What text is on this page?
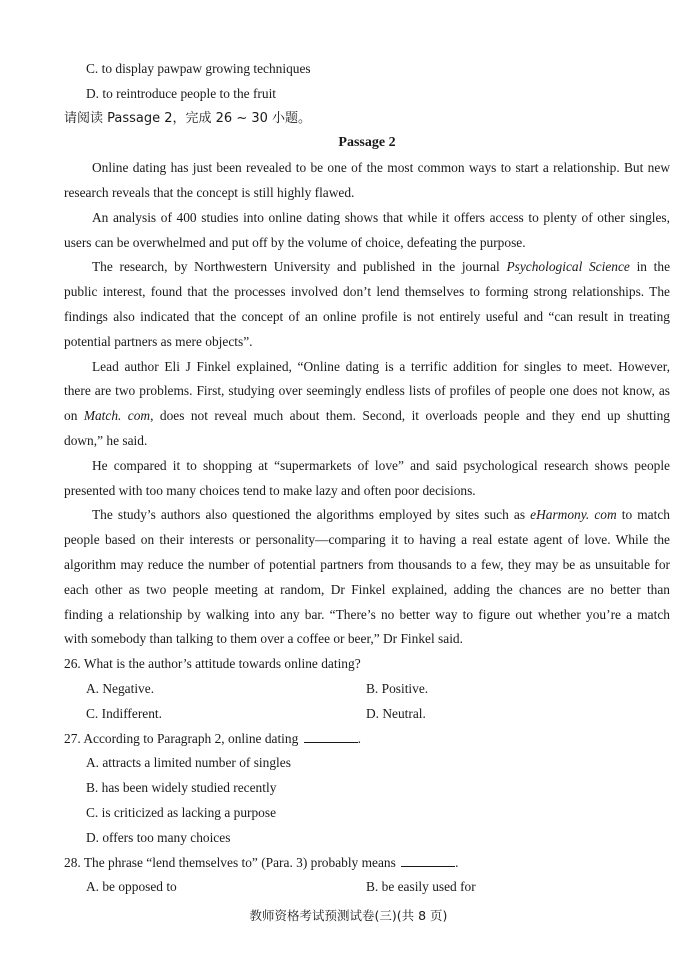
C. to display pawpaw growing techniques
D. to reintroduce people to the fruit
请阅读 Passage 2，完成 26 ~ 30 小题。
Passage 2
Online dating has just been revealed to be one of the most common ways to start a relationship. But new
research reveals that the concept is still highly flawed.
An analysis of 400 studies into online dating shows that while it offers access to plenty of other singles,
users can be overwhelmed and put off by the volume of choice, defeating the purpose.
The research, by Northwestern University and published in the journal Psychological Science in the
public interest, found that the processes involved don’t lend themselves to forming strong relationships. The
findings also indicated that the concept of an online profile is not entirely useful and “can result in treating
potential partners as mere objects”.
Lead author Eli J Finkel explained, “Online dating is a terrific addition for singles to meet. However,
there are two problems. First, studying over seemingly endless lists of profiles of people one does not know, as
on Match. com, does not reveal much about them. Second, it overloads people and they end up shutting
down,” he said.
He compared it to shopping at “supermarkets of love” and said psychological research shows people
presented with too many choices tend to make lazy and often poor decisions.
The study’s authors also questioned the algorithms employed by sites such as eHarmony. com to match
people based on their interests or personality—comparing it to having a real estate agent of love. While the
algorithm may reduce the number of potential partners from thousands to a few, they may be as unsuitable for
each other as two people meeting at random, Dr Finkel explained, adding the chances are no better than
finding a relationship by walking into any bar. “There’s no better way to figure out whether you’re a match
with somebody than talking to them over a coffee or beer,” Dr Finkel said.
26. What is the author’s attitude towards online dating?
A. Negative.	B. Positive.
C. Indifferent.	D. Neutral.
27. According to Paragraph 2, online dating	.
A. attracts a limited number of singles
B. has been widely studied recently
C. is criticized as lacking a purpose
D. offers too many choices
28. The phrase “lend themselves to” (Para. 3) probably means	.
A. be opposed to	B. be easily used for
教师资格考试预测试卷(三)(共 8 页)
